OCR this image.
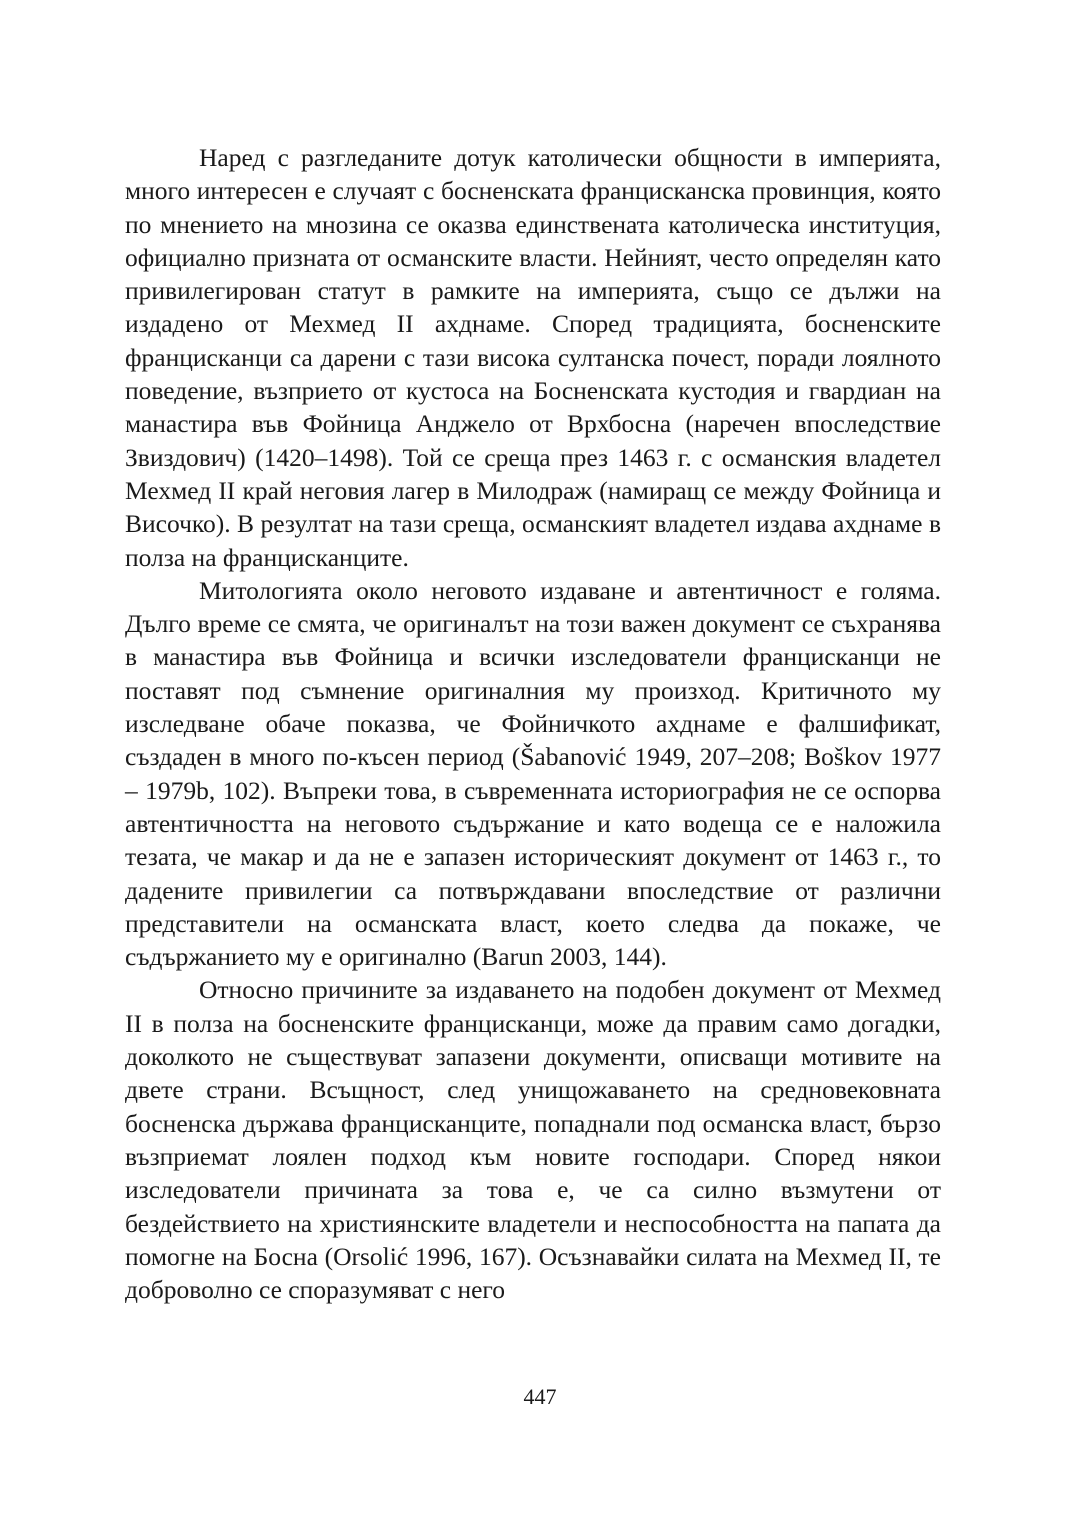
Наред с разгледаните дотук католически общности в империята, много интересен е случаят с босненската францисканска провинция, която по мнението на мнозина се оказва единствената католическа институция, официално призната от османските власти. Нейният, често определян като привилегирован статут в рамките на империята, също се дължи на издадено от Мехмед II ахднаме. Според традицията, босненските францисканци са дарени с тази висока султанска почест, поради лоялното поведение, възприето от кустоса на Босненската кустодия и гвардиан на манастира във Фойница Анджело от Врхбосна (наречен впоследствие Звиздович) (1420–1498). Той се среща през 1463 г. с османския владетел Мехмед II край неговия лагер в Милодраж (намиращ се между Фойница и Височко). В резултат на тази среща, османският владетел издава ахднаме в полза на францисканците.

Митологията около неговото издаване и автентичност е голяма. Дълго време се смята, че оригиналът на този важен документ се съхранява в манастира във Фойница и всички изследователи францисканци не поставят под съмнение оригиналния му произход. Критичното му изследване обаче показва, че Фойничкото ахднаме е фалшификат, създаден в много по-късен период (Šabanović 1949, 207–208; Boškov 1977 – 1979b, 102). Въпреки това, в съвременната историография не се оспорва автентичността на неговото съдържание и като водеща се е наложила тезата, че макар и да не е запазен историческият документ от 1463 г., то дадените привилегии са потвърждавани впоследствие от различни представители на османската власт, което следва да покаже, че съдържанието му е оригинално (Barun 2003, 144).

Относно причините за издаването на подобен документ от Мехмед II в полза на босненските францисканци, може да правим само догадки, доколкото не съществуват запазени документи, описващи мотивите на двете страни. Всъщност, след унищожаването на средновековната босненска държава францисканците, попаднали под османска власт, бързо възприемат лоялен подход към новите господари. Според някои изследователи причината за това е, че са силно възмутени от бездействието на християнските владетели и неспособността на папата да помогне на Босна (Orsolić 1996, 167). Осъзнавайки силата на Мехмед II, те доброволно се споразумяват с него

447
